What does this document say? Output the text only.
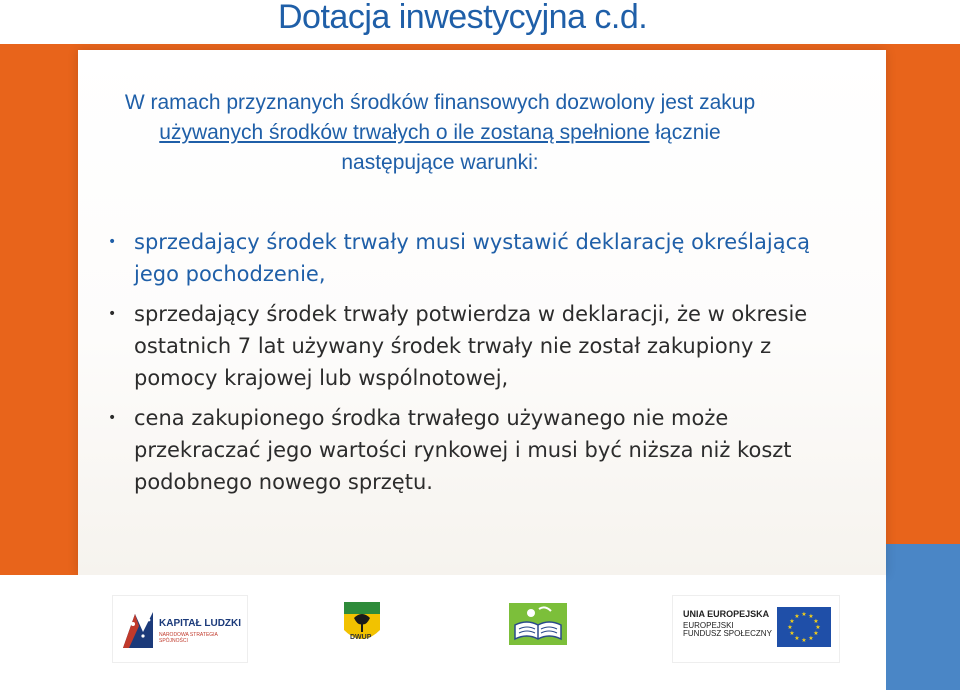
Dotacja inwestycyjna c.d.
W ramach przyznanych środków finansowych dozwolony jest zakup
używanych środków trwałych o ile zostaną spełnione łącznie
następujące warunki:
• sprzedający środek trwały musi wystawić deklarację określającą jego pochodzenie,
• sprzedający środek trwały potwierdza w deklaracji, że w okresie ostatnich 7 lat używany środek trwały nie został zakupiony z pomocy krajowej lub wspólnotowej,
• cena zakupionego środka trwałego używanego nie może przekraczać jego wartości rynkowej i musi być niższa niż koszt podobnego nowego sprzętu.
KAPITAŁ LUDZKI
NARODOWA STRATEGIA SPÓJNOŚCI	DWUP
UNIA EUROPEJSKA
EUROPEJSKI
FUNDUSZ SPOŁECZNY
★ ★
★
★
★
★
★
★
★
★
★
★
